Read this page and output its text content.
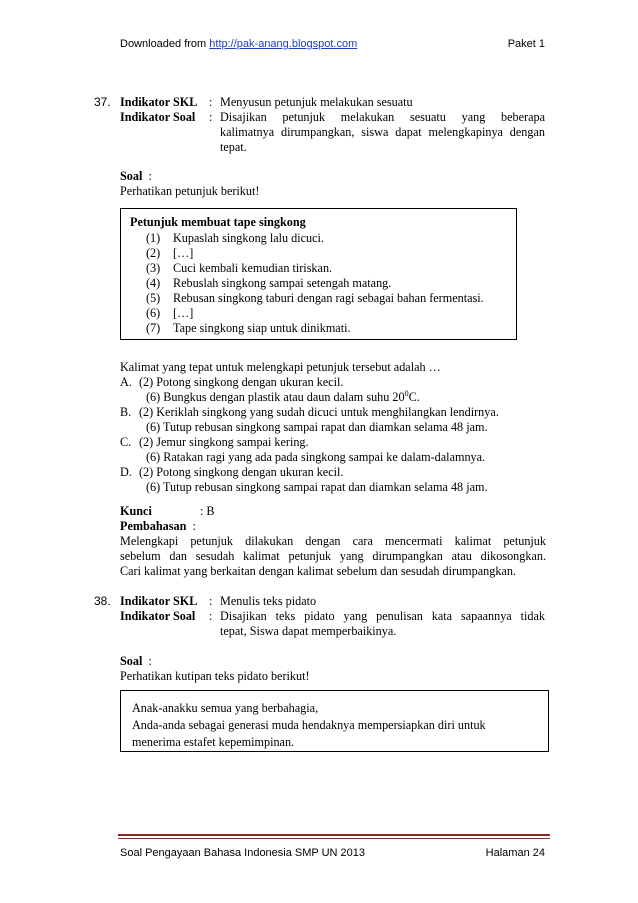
Downloaded from http://pak-anang.blogspot.com	Paket 1
37. Indikator SKL : Menyusun petunjuk melakukan sesuatu
Indikator Soal : Disajikan petunjuk melakukan sesuatu yang beberapa
kalimatnya dirumpangkan, siswa dapat melengkapinya dengan
tepat.
Soal  :
Perhatikan petunjuk berikut!
Petunjuk membuat tape singkong
(1) Kupaslah singkong lalu dicuci.
(2) […]
(3) Cuci kembali kemudian tiriskan.
(4) Rebuslah singkong sampai setengah matang.
(5) Rebusan singkong taburi dengan ragi sebagai bahan fermentasi.
(6) […]
(7) Tape singkong siap untuk dinikmati.
Kalimat yang tepat untuk melengkapi petunjuk tersebut adalah …
A. (2) Potong singkong dengan ukuran kecil.
(6) Bungkus dengan plastik atau daun dalam suhu $20^0C$.
B. (2) Keriklah singkong yang sudah dicuci untuk menghilangkan lendirnya.
(6) Tutup rebusan singkong sampai rapat dan diamkan selama 48 jam.
C. (2) Jemur singkong sampai kering.
(6) Ratakan ragi yang ada pada singkong sampai ke dalam-dalamnya.
D. (2) Potong singkong dengan ukuran kecil.
(6) Tutup rebusan singkong sampai rapat dan diamkan selama 48 jam.
Kunci	: B
Pembahasan  :
Melengkapi petunjuk dilakukan dengan cara mencermati kalimat petunjuk
sebelum dan sesudah kalimat petunjuk yang dirumpangkan atau dikosongkan.
Cari kalimat yang berkaitan dengan kalimat sebelum dan sesudah dirumpangkan.
38. Indikator SKL : Menulis teks pidato
Indikator Soal : Disajikan teks pidato yang penulisan kata sapaannya tidak
tepat, Siswa dapat memperbaikinya.
Soal  :
Perhatikan kutipan teks pidato berikut!
Anak-anakku semua yang berbahagia,
Anda-anda sebagai generasi muda hendaknya mempersiapkan diri untuk
menerima estafet kepemimpinan.
Soal Pengayaan Bahasa Indonesia SMP UN 2013	Halaman 24
